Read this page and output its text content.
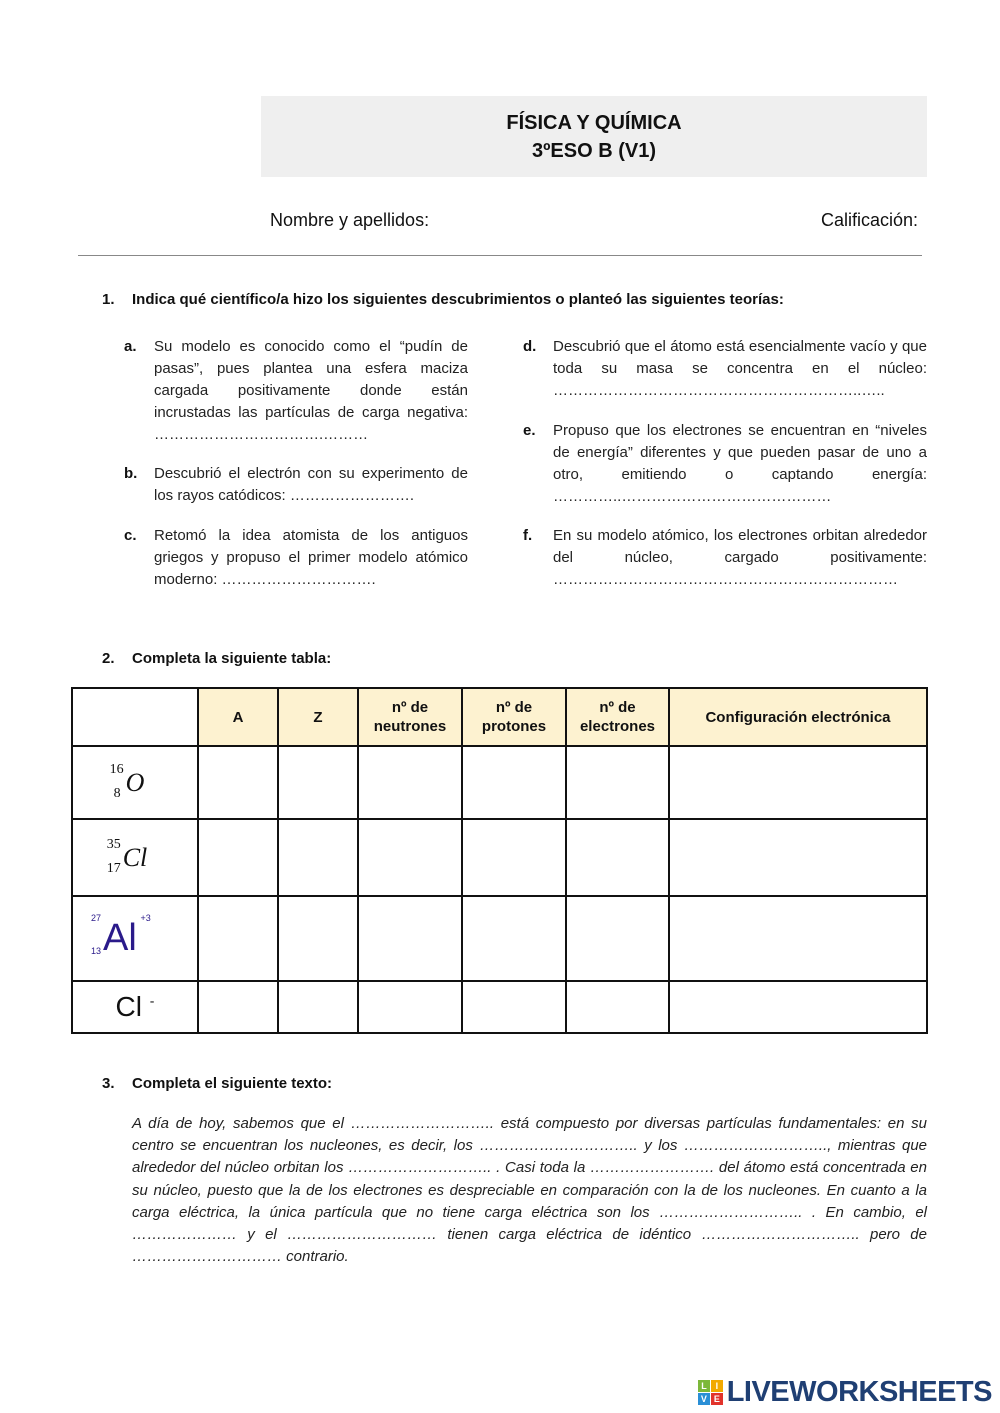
FÍSICA Y QUÍMICA
3ºESO B (V1)
Nombre y apellidos:	Calificación:
1. Indica qué científico/a hizo los siguientes descubrimientos o planteó las siguientes teorías:
a.	Su modelo es conocido como el “pudín de pasas”, pues plantea una esfera maciza cargada positivamente donde están incrustadas las partículas de carga negativa: …………………………….………
b.	Descubrió el electrón con su experimento de los rayos catódicos: …………………….
c.	Retomó la idea atomista de los antiguos griegos y propuso el primer modelo atómico moderno: ………………………….
d.	Descubrió que el átomo está esencialmente vacío y que toda su masa se concentra en el núcleo: ……………………………………………………..…..
e.	Propuso que los electrones se encuentran en “niveles de energía” diferentes y que pueden pasar de uno a otro, emitiendo o captando energía: …………..……………………………………
f.	En su modelo atómico, los electrones orbitan alrededor del núcleo, cargado positivamente: ……………………………………………………………
2. Completa la siguiente tabla:
	A	Z	nº de neutrones	nº de protones	nº de electrones	Configuración electrónica

16
8 O						

35
17 Cl						

27
13 Al +3						

Cl -						
3. Completa el siguiente texto:
A día de hoy, sabemos que el ……………………….. está compuesto por diversas partículas fundamentales: en su centro se encuentran los nucleones, es decir, los ………………………….. y los ……………………….., mientras que alrededor del núcleo orbitan los ……………………….. . Casi toda la ……………………. del átomo está concentrada en su núcleo, puesto que la de los electrones es despreciable en comparación con la de los nucleones. En cuanto a la carga eléctrica, la única partícula que no tiene carga eléctrica son los ……………………….. . En cambio, el ………………… y el ………………………… tienen carga eléctrica de idéntico ………………………….. pero de ………………………… contrario.
L	I
V E LIVEWORKSHEETS
